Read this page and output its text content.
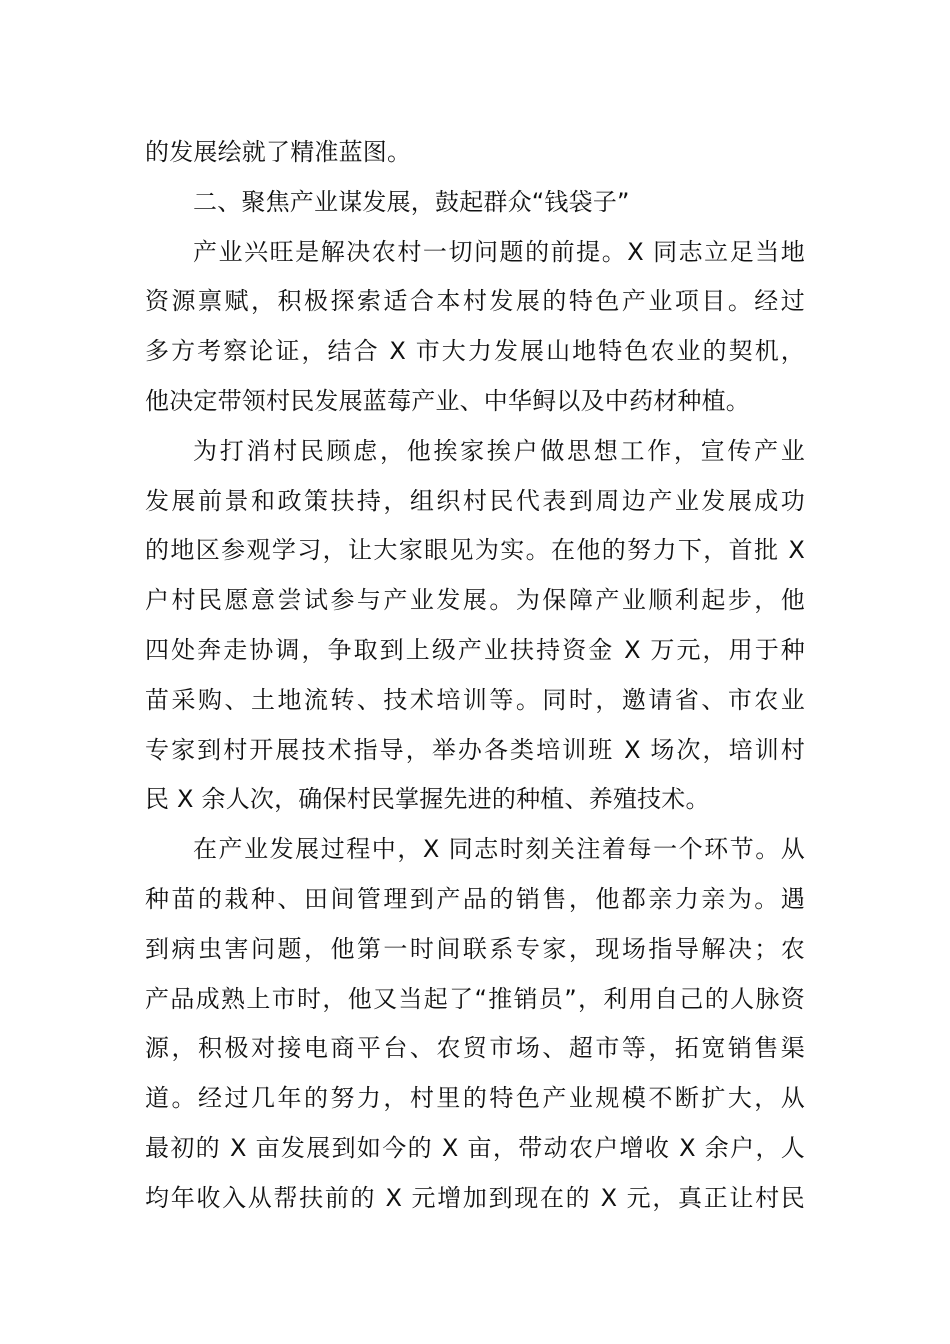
的发展绘就了精准蓝图。
二、聚焦产业谋发展，鼓起群众“钱袋子”
产业兴旺是解决农村一切问题的前提。X 同志立足当地
资源禀赋，积极探索适合本村发展的特色产业项目。经过
多方考察论证，结合 X 市大力发展山地特色农业的契机，
他决定带领村民发展蓝莓产业、中华鲟以及中药材种植。
为打消村民顾虑，他挨家挨户做思想工作，宣传产业
发展前景和政策扶持，组织村民代表到周边产业发展成功
的地区参观学习，让大家眼见为实。在他的努力下，首批 X
户村民愿意尝试参与产业发展。为保障产业顺利起步，他
四处奔走协调，争取到上级产业扶持资金 X 万元，用于种
苗采购、土地流转、技术培训等。同时，邀请省、市农业
专家到村开展技术指导，举办各类培训班 X 场次，培训村
民 X 余人次，确保村民掌握先进的种植、养殖技术。
在产业发展过程中，X 同志时刻关注着每一个环节。从
种苗的栽种、田间管理到产品的销售，他都亲力亲为。遇
到病虫害问题，他第一时间联系专家，现场指导解决；农
产品成熟上市时，他又当起了“推销员”，利用自己的人脉资
源，积极对接电商平台、农贸市场、超市等，拓宽销售渠
道。经过几年的努力，村里的特色产业规模不断扩大，从
最初的 X 亩发展到如今的 X 亩，带动农户增收 X 余户，人
均年收入从帮扶前的 X 元增加到现在的 X 元，真正让村民
